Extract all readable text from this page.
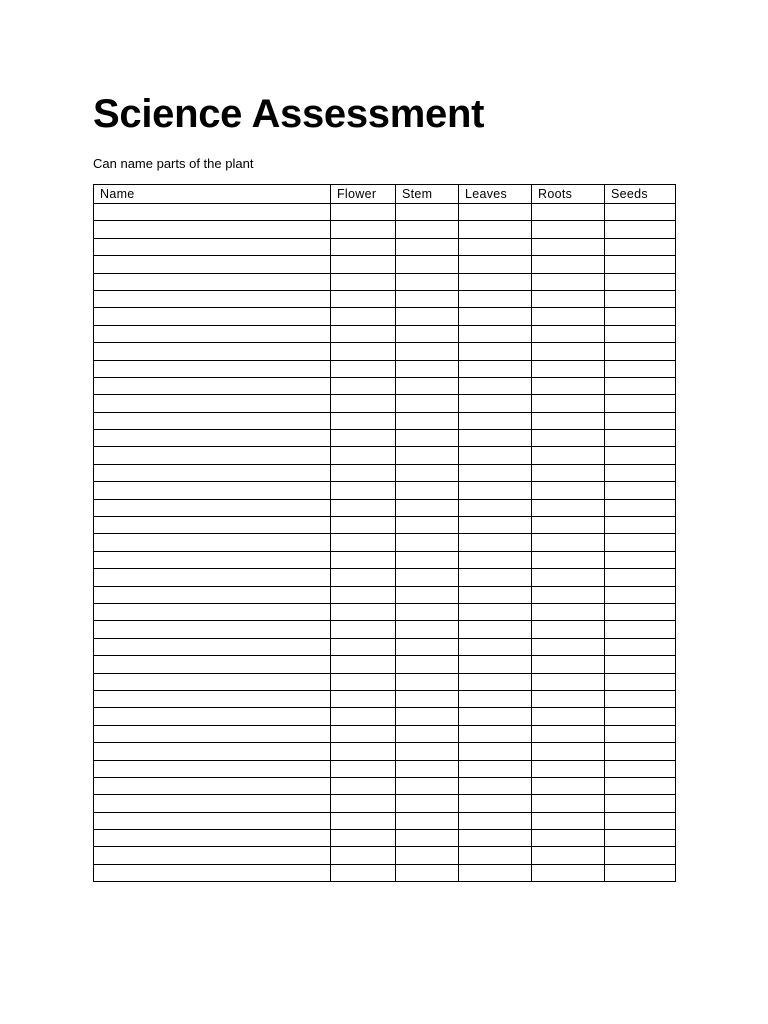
Science Assessment

Can name parts of the plant

Name	Flower	Stem	Leaves	Roots	Seeds
